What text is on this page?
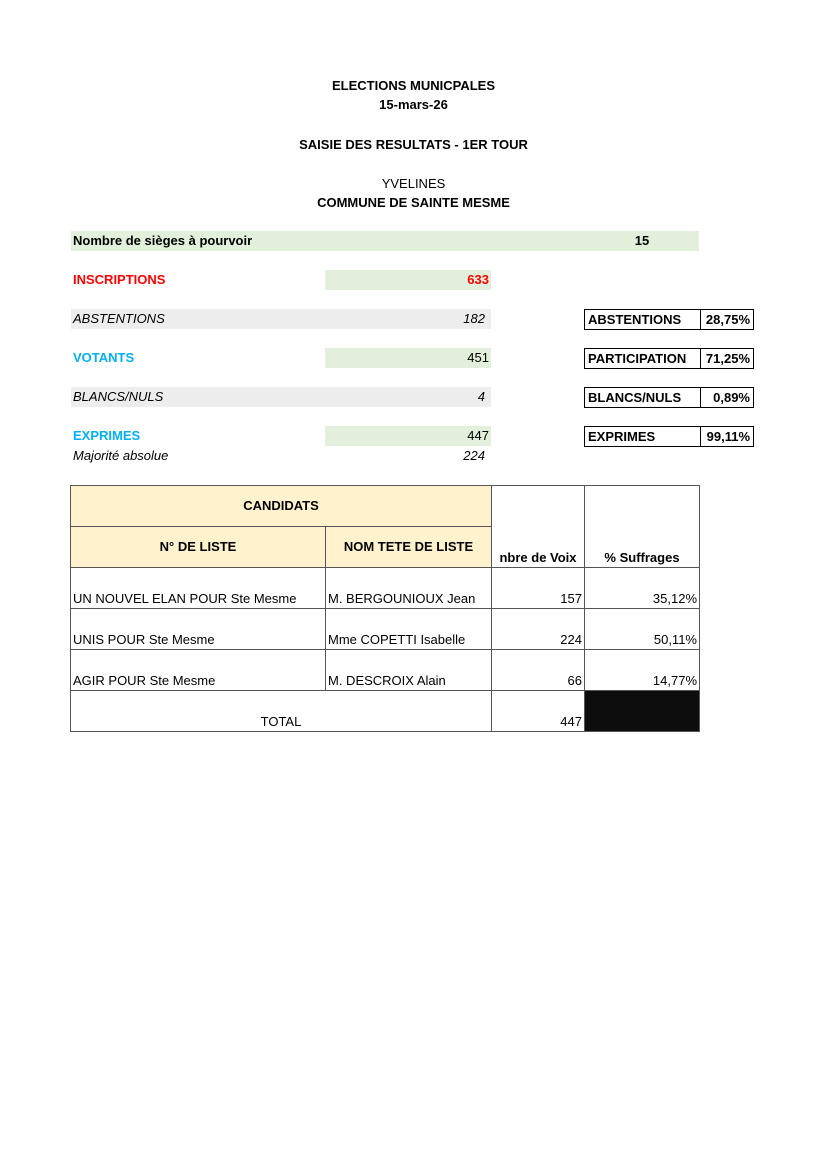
ELECTIONS MUNICPALES
15-mars-26
SAISIE DES RESULTATS - 1ER TOUR
YVELINES
COMMUNE DE SAINTE MESME
Nombre de sièges à pourvoir	15
INSCRIPTIONS	633
ABSTENTIONS	182
VOTANTS	451
BLANCS/NULS	4
EXPRIMES	447
Majorité absolue	224
ABSTENTIONS	28,75%
PARTICIPATION	71,25%
BLANCS/NULS	0,89%
EXPRIMES	99,11%
CANDIDATS		nbre de Voix	% Suffrages
N° DE LISTE	NOM TETE DE LISTE		
UN NOUVEL ELAN POUR Ste Mesme	M. BERGOUNIOUX Jean	157	35,12%
UNIS POUR Ste Mesme	Mme COPETTI Isabelle	224	50,11%
AGIR POUR Ste Mesme	M. DESCROIX Alain	66	14,77%
TOTAL		447	
